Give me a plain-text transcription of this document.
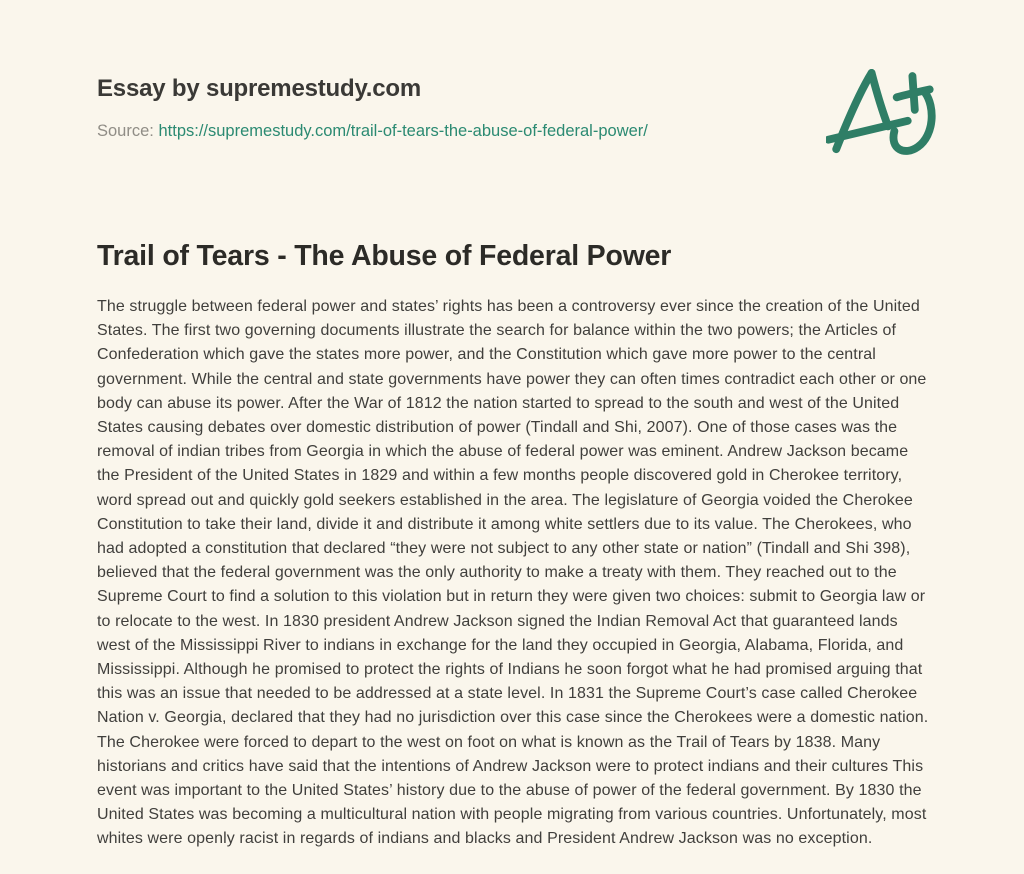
Essay by supremestudy.com
Source: https://supremestudy.com/trail-of-tears-the-abuse-of-federal-power/
Trail of Tears - The Abuse of Federal Power

The struggle between federal power and states’ rights has been a controversy ever since the creation of the United States. The first two governing documents illustrate the search for balance within the two powers; the Articles of Confederation which gave the states more power, and the Constitution which gave more power to the central government. While the central and state governments have power they can often times contradict each other or one body can abuse its power. After the War of 1812 the nation started to spread to the south and west of the United States causing debates over domestic distribution of power (Tindall and Shi, 2007). One of those cases was the removal of indian tribes from Georgia in which the abuse of federal power was eminent. Andrew Jackson became the President of the United States in 1829 and within a few months people discovered gold in Cherokee territory, word spread out and quickly gold seekers established in the area. The legislature of Georgia voided the Cherokee Constitution to take their land, divide it and distribute it among white settlers due to its value. The Cherokees, who had adopted a constitution that declared “they were not subject to any other state or nation” (Tindall and Shi 398), believed that the federal government was the only authority to make a treaty with them. They reached out to the Supreme Court to find a solution to this violation but in return they were given two choices: submit to Georgia law or to relocate to the west. In 1830 president Andrew Jackson signed the Indian Removal Act that guaranteed lands west of the Mississippi River to indians in exchange for the land they occupied in Georgia, Alabama, Florida, and Mississippi. Although he promised to protect the rights of Indians he soon forgot what he had promised arguing that this was an issue that needed to be addressed at a state level. In 1831 the Supreme Court’s case called Cherokee Nation v. Georgia, declared that they had no jurisdiction over this case since the Cherokees were a domestic nation. The Cherokee were forced to depart to the west on foot on what is known as the Trail of Tears by 1838. Many historians and critics have said that the intentions of Andrew Jackson were to protect indians and their cultures This event was important to the United States’ history due to the abuse of power of the federal government. By 1830 the United States was becoming a multicultural nation with people migrating from various countries. Unfortunately, most whites were openly racist in regards of indians and blacks and President Andrew Jackson was no exception.
